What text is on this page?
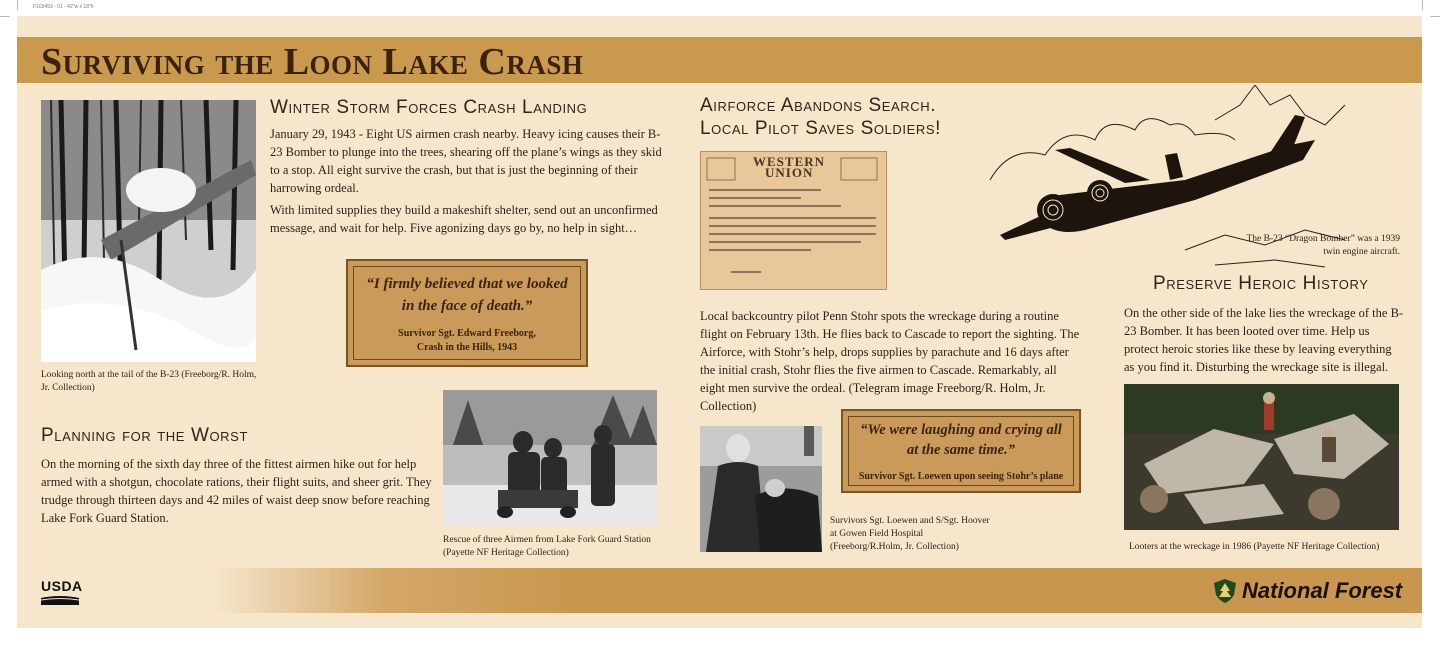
F103493 - 01 - 42"w x 18"h
Surviving the Loon Lake Crash
Looking north at the tail of the B-23 (Freeborg/R. Holm, Jr. Collection)
Winter Storm Forces Crash Landing

January 29, 1943 - Eight US airmen crash nearby. Heavy icing causes their B-23 Bomber to plunge into the trees, shearing off the plane’s wings as they skid to a stop. All eight survive the crash, but that is just the beginning of their harrowing ordeal.

With limited supplies they build a makeshift shelter, send out an unconfirmed message, and wait for help. Five agonizing days go by, no help in sight…

“I firmly believed that we looked in the face of death.”
Survivor Sgt. Edward Freeborg,
Crash in the Hills, 1943
Planning for the Worst

On the morning of the sixth day three of the fittest airmen hike out for help armed with a shotgun, chocolate rations, their flight suits, and sheer grit. They trudge through thirteen days and 42 miles of waist deep snow before reaching Lake Fork Guard Station.

Rescue of three Airmen from Lake Fork Guard Station (Payette NF Heritage Collection)
Airforce Abandons Search.
Local Pilot Saves Soldiers!
WESTERN
UNION

Local backcountry pilot Penn Stohr spots the wreckage during a routine flight on February 13th. He flies back to Cascade to report the sighting. The Airforce, with Stohr’s help, drops supplies by parachute and 16 days after the initial crash, Stohr flies the five airmen to Cascade. Remarkably, all eight men survive the ordeal. (Telegram image Freeborg/R. Holm, Jr. Collection)

Survivors Sgt. Loewen and S/Sgt. Hoover at Gowen Field Hospital (Freeborg/R.Holm, Jr. Collection)
“We were laughing and crying all at the same time.”
Survivor Sgt. Loewen upon seeing Stohr’s plane
The B-23 “Dragon Bomber” was a 1939
twin engine aircraft.
Preserve Heroic History

On the other side of the lake lies the wreckage of the B-23 Bomber. It has been looted over time. Help us protect heroic stories like these by leaving everything as you find it. Disturbing the wreckage site is illegal.

Looters at the wreckage in 1986 (Payette NF Heritage Collection)
USDA	National Forest
